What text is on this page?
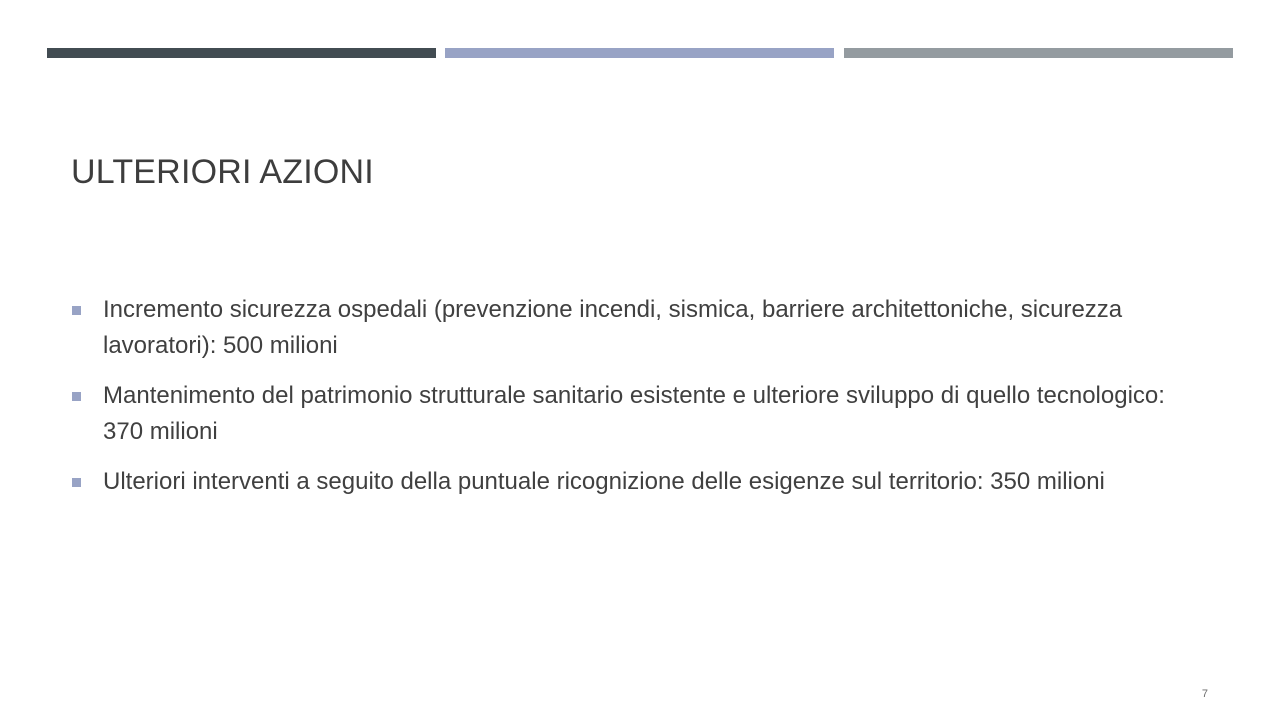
ULTERIORI AZIONI
Incremento sicurezza ospedali (prevenzione incendi, sismica, barriere architettoniche, sicurezza lavoratori): 500 milioni
Mantenimento del patrimonio strutturale sanitario esistente e ulteriore sviluppo di quello tecnologico: 370 milioni
Ulteriori interventi a seguito della puntuale ricognizione delle esigenze sul territorio: 350 milioni
7
